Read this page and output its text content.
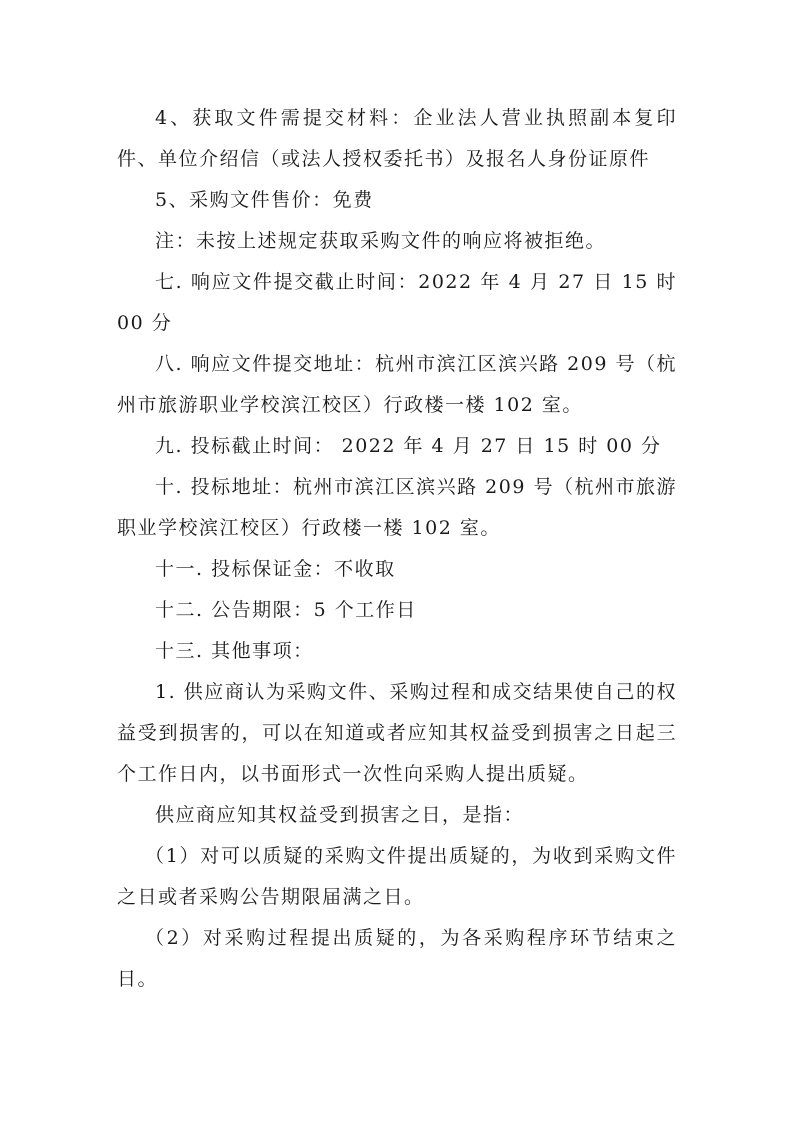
4、获取文件需提交材料：企业法人营业执照副本复印件、单位介绍信（或法人授权委托书）及报名人身份证原件

5、采购文件售价：免费

注：未按上述规定获取采购文件的响应将被拒绝。

七. 响应文件提交截止时间：2022 年 4 月 27 日 15 时 00 分

八. 响应文件提交地址：杭州市滨江区滨兴路 209 号（杭州市旅游职业学校滨江校区）行政楼一楼 102 室。

九. 投标截止时间： 2022 年 4 月 27 日 15 时 00 分

十. 投标地址：杭州市滨江区滨兴路 209 号（杭州市旅游职业学校滨江校区）行政楼一楼 102 室。

十一. 投标保证金：不收取

十二. 公告期限：5 个工作日

十三. 其他事项：

1. 供应商认为采购文件、采购过程和成交结果使自己的权益受到损害的，可以在知道或者应知其权益受到损害之日起三个工作日内，以书面形式一次性向采购人提出质疑。

供应商应知其权益受到损害之日，是指：

（1）对可以质疑的采购文件提出质疑的，为收到采购文件之日或者采购公告期限届满之日。

（2）对采购过程提出质疑的，为各采购程序环节结束之日。
